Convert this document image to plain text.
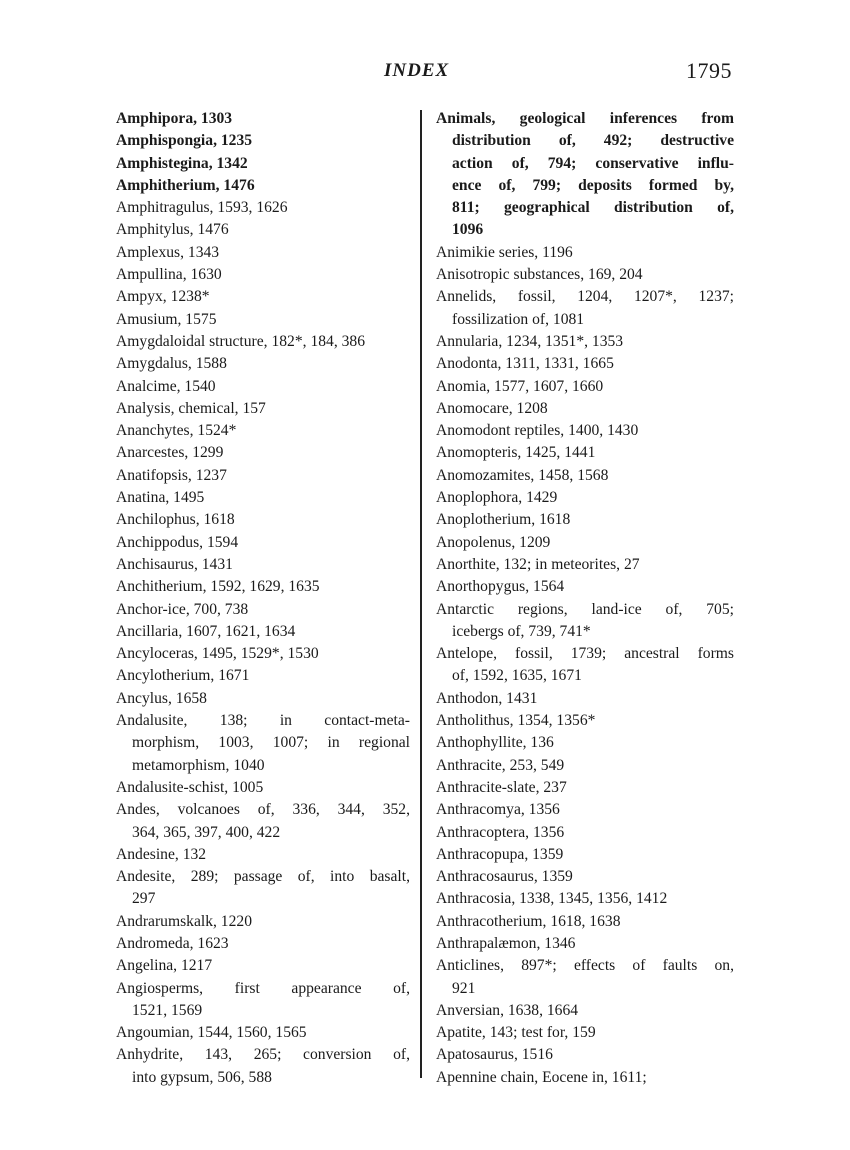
INDEX	1795
Amphipora, 1303
Amphispongia, 1235
Amphistegina, 1342
Amphitherium, 1476
Amphitragulus, 1593, 1626
Amphitylus, 1476
Amplexus, 1343
Ampullina, 1630
Ampyx, 1238*
Amusium, 1575
Amygdaloidal structure, 182*, 184, 386
Amygdalus, 1588
Analcime, 1540
Analysis, chemical, 157
Ananchytes, 1524*
Anarcestes, 1299
Anatifopsis, 1237
Anatina, 1495
Anchilophus, 1618
Anchippodus, 1594
Anchisaurus, 1431
Anchitherium, 1592, 1629, 1635
Anchor-ice, 700, 738
Ancillaria, 1607, 1621, 1634
Ancyloceras, 1495, 1529*, 1530
Ancylotherium, 1671
Ancylus, 1658
Andalusite, 138; in contact-meta-
morphism, 1003, 1007; in regional
metamorphism, 1040
Andalusite-schist, 1005
Andes, volcanoes of, 336, 344, 352,
364, 365, 397, 400, 422
Andesine, 132
Andesite, 289; passage of, into basalt,
297
Andrarumskalk, 1220
Andromeda, 1623
Angelina, 1217
Angiosperms, first appearance of,
1521, 1569
Angoumian, 1544, 1560, 1565
Anhydrite, 143, 265; conversion of,
into gypsum, 506, 588
Animals, geological inferences from
distribution of, 492; destructive
action of, 794; conservative influ-
ence of, 799; deposits formed by,
811; geographical distribution of,
1096
Animikie series, 1196
Anisotropic substances, 169, 204
Annelids, fossil, 1204, 1207*, 1237;
fossilization of, 1081
Annularia, 1234, 1351*, 1353
Anodonta, 1311, 1331, 1665
Anomia, 1577, 1607, 1660
Anomocare, 1208
Anomodont reptiles, 1400, 1430
Anomopteris, 1425, 1441
Anomozamites, 1458, 1568
Anoplophora, 1429
Anoplotherium, 1618
Anopolenus, 1209
Anorthite, 132; in meteorites, 27
Anorthopygus, 1564
Antarctic regions, land-ice of, 705;
icebergs of, 739, 741*
Antelope, fossil, 1739; ancestral forms
of, 1592, 1635, 1671
Anthodon, 1431
Antholithus, 1354, 1356*
Anthophyllite, 136
Anthracite, 253, 549
Anthracite-slate, 237
Anthracomya, 1356
Anthracoptera, 1356
Anthracopupa, 1359
Anthracosaurus, 1359
Anthracosia, 1338, 1345, 1356, 1412
Anthracotherium, 1618, 1638
Anthrapalæmon, 1346
Anticlines, 897*; effects of faults on,
921
Anversian, 1638, 1664
Apatite, 143; test for, 159
Apatosaurus, 1516
Apennine chain, Eocene in, 1611;
